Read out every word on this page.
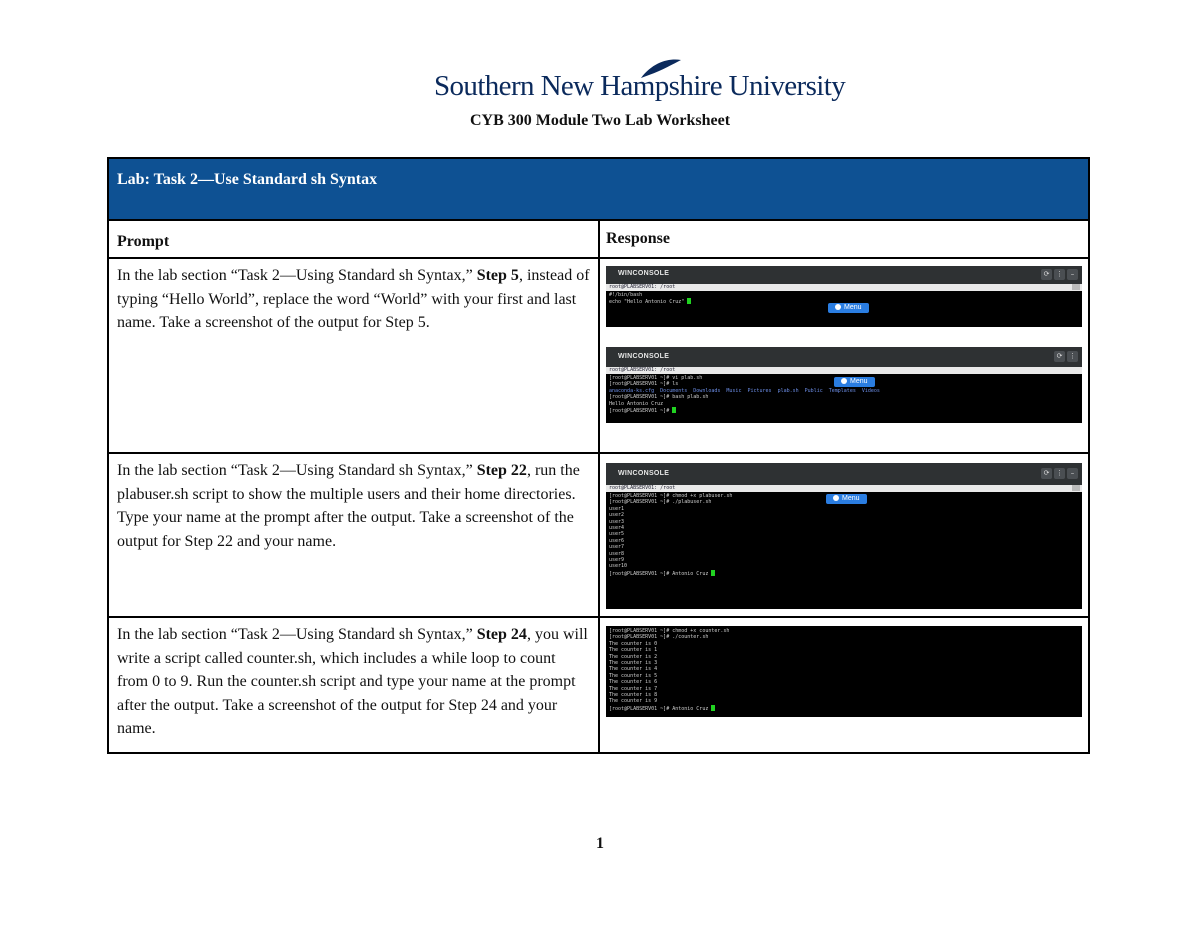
Southern New Hampshire University
CYB 300 Module Two Lab Worksheet
Lab: Task 2—Use Standard sh Syntax
Prompt	Response
In the lab section “Task 2—Using Standard sh Syntax,” Step 5, instead of typing “Hello World”, replace the word “World” with your first and last name. Take a screenshot of the output for Step 5.
WINCONSOLE	⟳ ⋮	–
root@PLABSERV01: /root
#!/bin/bash
echo "Hello Antonio Cruz"
Menu
WINCONSOLE	⟳ ⋮
root@PLABSERV01: /root
[root@PLABSERV01 ~]# vi plab.sh
[root@PLABSERV01 ~]# ls
anaconda-ks.cfg  Documents  Downloads  Music  Pictures  plab.sh  Public  Templates  Videos
[root@PLABSERV01 ~]# bash plab.sh
Hello Antonio Cruz
[root@PLABSERV01 ~]#
Menu
In the lab section “Task 2—Using Standard sh Syntax,” Step 22, run the plabuser.sh script to show the multiple users and their home directories. Type your name at the prompt after the output. Take a screenshot of the output for Step 22 and your name.
WINCONSOLE	⟳ ⋮	–
root@PLABSERV01: /root
[root@PLABSERV01 ~]# chmod +x plabuser.sh
[root@PLABSERV01 ~]# ./plabuser.sh
user1
user2
user3
user4
user5
user6
user7
user8
user9
user10
[root@PLABSERV01 ~]# Antonio Cruz
Menu
In the lab section “Task 2—Using Standard sh Syntax,” Step 24, you will write a script called counter.sh, which includes a while loop to count from 0 to 9. Run the counter.sh script and type your name at the prompt after the output. Take a screenshot of the output for Step 24 and your name.
[root@PLABSERV01 ~]# chmod +x counter.sh
[root@PLABSERV01 ~]# ./counter.sh
The counter is 0
The counter is 1
The counter is 2
The counter is 3
The counter is 4
The counter is 5
The counter is 6
The counter is 7
The counter is 8
The counter is 9
[root@PLABSERV01 ~]# Antonio Cruz
1
